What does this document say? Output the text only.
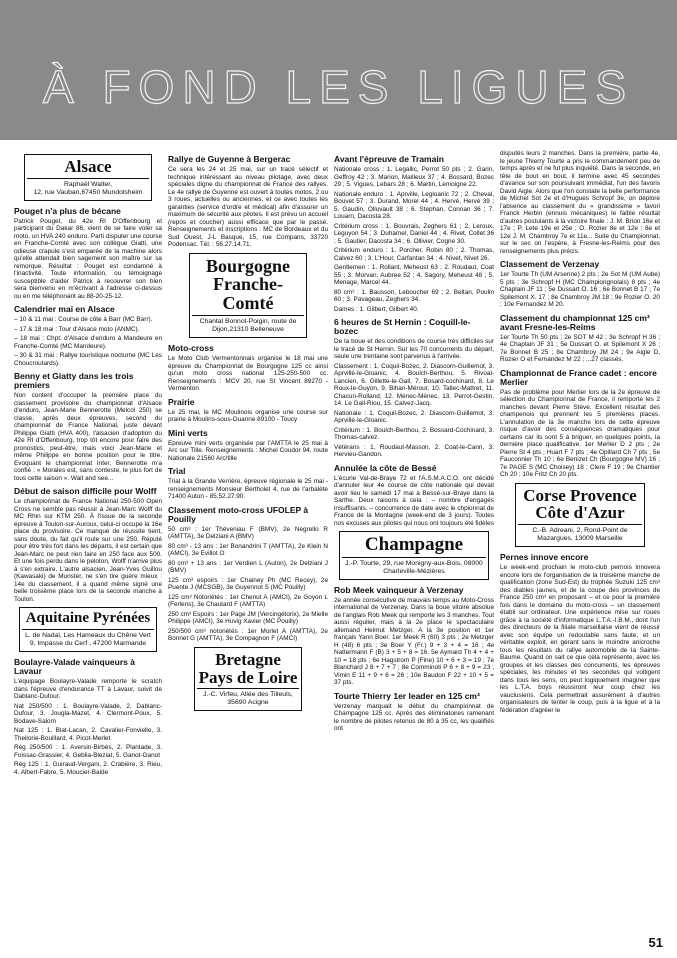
À FOND LES LIGUES
Alsace
Raphaël Walter,
12, rue Vauban,67450 Mundolsheim
Pouget n'a plus de bécane

Patrick Pouget, du 42e RI D'Offenbourg et participant du Dakar 86, vient de se faire voler sa moto, un HVA 240 enduro. Parti disputer une course en Franche-Comté avec son collègue Giatti, une odieuse crapule s'est emparée de la machine alors qu'elle attendait bien sagement son maître sur sa remorque. Résultat : Pouget est condamné à l'inactivité. Toute information, ou témoignage susceptible d'aider Patrick à recouvrer son bien sera bienvenu en m'écrivant à l'adresse ci-dessus ou en me téléphonant au 88-20-25-12.

Calendrier mai en Alsace

– 10 & 11 mai : Course de côte à Barr (MC Barr).

– 17 & 18 mai : Tour d'Alsace moto (ANMC).

– 18 mai : Chpt. d'Alsace d'enduro à Mandeure en Franche-Comté (MC Mandeure).

– 30 & 31 mai : Rallye touristique nocturne (MC Les Choucroutards).

Benny et Giatty dans les trois premiers

Non content d'occuper la première place du classement provisoire du championnat d'Alsace d'enduro, Jean-Marie Bennerotte (Melcol 250) se classe, après deux épreuves, second du championnat de France National, juste devant Philippe Giatti (HVA 400), l'alsacien d'adoption du 42e RI d'Offenbourg, trop tôt encore pour faire des pronostics, peut-être, mais voici Jean-Marie et même Philippe en bonne position pour le titre. Evoquant le championnat Inter, Bennerotte m'a confié : « Morales est, sans conteste, le plus fort de tous cette saison ». Wait and see...

Début de saison difficile pour Wolff

Le championnat de France National 250-500 Open Cross ne semble pas réussir à Jean-Marc Wolff du MC Rhin sur KTM 250. À l'issue de la seconde épreuve à Toulon-sur-Auroux, celui-ci occupe la 16e place du provisoire. Ce manque de réussite tient, sans doute, du fait qu'il roule sur une 250. Réputé pour être très fort dans les départs, il est certain que Jean-Marc ne peut rien faire en 250 face aux 500. Et une fois perdu dans le peloton, Wolff n'arrive plus à s'en extraire. L'autre alsacien, Jean-Yves Guillou (Kawasaki) de Munster, ne s'en tire guère mieux : 14e du classement, il a quand même signé une belle troisième place lors de la seconde manche à Toulon.

Aquitaine Pyrénées
L. de Nadai, Les Hameaux du Chêne Vert 9, Impasse du Cerf , 47200 Marmande
Boulayre-Valade vainqueurs à Lavaur

L'équipage Boulayre-Valade remporte le scratch dans l'épreuve d'endurance TT à Lavaur, suivit de Dablanc-Dufour.

Nat 250/500 : 1. Boulayre-Valade, 2. Dablanc-Dufour, 3. Jougla-Mazet, 4. Clermont-Poux, 5. Bodave-Salom

Nat 125 : 1. Blat-Lacan, 2. Cavalier-Fonvielle, 3. Theilorie-Bouillard, 4. Picot-Merlet

Rég 250/500 : 1. Aversin-Birbès, 2. Plantade, 3. Foissac-Grassier, 4. Geblia-Bleziat, 5. Ganot-Ganot

Rég 125 : 1. Guiraud-Vergani, 2. Crabière, 3. Rieu, 4. Albert-Fabre, 5. Moucier-Balde

Rallye de Guyenne à Bergerac

Ce sera les 24 et 25 mai, sur un tracé sélectif et technique intéressant au niveau pilotage, avec deux spéciales digne du championnat de France des rallyes. Le 4e rallye de Guyenne est ouvert à toutes motos, 2 ou 3 roues, actuelles ou anciennes, et ce avec toutes les garanties (service d'ordre et médical) afin d'assurer un maximum de sécurité aux pilotes. Il est prévu un accueil (repos et coucher) aussi efficace que par le passé. Renseignements et inscriptions : MC de Bordeaux et du Sud Ouest, J-L Basque, 15, rue Compans, 33720 Podensac. Tél. : 56.27.14.71.

Bourgogne Franche-Comté
Chantal Bonnot-Poigin, route de Dijon,21310 Belleneuve
Moto-cross

Le Moto Club Vermentonnais organise le 18 mai une épreuve du Championnat de Bourgogne 125 cc ainsi qu'un moto cross national 125-250-500 cc. Renseignements : MCV 20, rue St Vincent 89270 - Vermenton

Prairie

Le 25 mai, le MC Moulinois organise une course sur prairie à Moulins-sous-Ouanne 89100 - Toucy

Mini verts

Epreuve mini verts organisée par l'AMTTA le 25 mai à Arc sur Tille. Renseignements : Michel Coudor 94, route Nationale 21560 Arc/tille

Trial

Trial à la Grande Verrière, épreuve régionale le 25 mai - renseignements Monsieur Bertholet 4, rue de l'arbalète 71400 Autun - 85.52.27.90.

Classement moto-cross UFOLEP à Pouilly

50 cm³ : 1er Théveniau F (BMV), 2e Negrello R (AMTTA), 3e Delziani A (BMV)

80 cm³ - 13 ans : 1er Bonandrini T (AMTTA), 2e Klein N (AMCI), 3e Evillot O

80 cm³ + 13 ans : 1er Verdien L (Auton), 2e Delziani J (BMV)

125 cm³ espoirs : 1er Chainey Ph (MC Recey), 2e Puente J (MCSGB), 3e Guyennot S (MC Pouilly)

125 cm³ Notoriétés : 1er Chenut A (AMCI), 2e Goyon L (Ferlens), 3e Chautard F (AMTTA)

250 cm³ Espoirs : 1er Page JM (Vercingétorix), 2e Mielle Philippe (AMCI), 3e Huvig Xavier (MC Pouilly)

250/500 cm³ notoriétés : 1er Morlet A (AMTTA), 2e Bonnet G (AMTTA), 3e Compagnon F (AMCI)

Bretagne Pays de Loire
J.-C. Virfeu, Allée des Tilleuls, 35690 Acigne
Avant l'épreuve de Tramain

Nationale cross : 1. Legallic, Perrot 50 pts ; 2. Garin, Geffroy 42 ; 3. Marion, Mailleux 37 ; 4. Bossard, Bozec 29 ; 5. Vigues, Lebars 28 ; 6. Martin, Lemoigne 22.

Nationale enduro : 1. Aprville, Legloanic 72 ; 2. Cheval, Bouvet 57 ; 3. Durand, Morel 44 ; 4. Hervé, Hervé 39 ; 5. Gaudin, Olluvault 38 ; 6. Stephan, Connan 36 ; 7. Louarn, Dacosta 28.

Critérium cross : 1. Bouvrais, Zeghers 61 ; 2. Leroux, Leguyon 54 ; 3. Duhamel, Daniel 44 ; 4. Rivet, Collet 36 ; 5. Gautier, Dacosta 34 ; 6. Ollivier, Cogne 30.

Critérium enduro : 1. Porcher, Robin 80 ; 2. Thomas, Calvez 60 ; 3. L'Hour, Carfantan 34 ; 4. Nivet, Nivet 26.

Gentlemen : 1. Rollant, Meheust 63 ; 2. Roudaut, Coat 55 ; 3. Morvan, Aubree 52 ; 4. Sagory, Meheust 48 ; 5. Menage, Marcel 44.

80 cm³ : 1. Bausson, Leboucher 69 ; 2. Beltan, Poulin 60 ; 3. Pavageau, Zeghers 34.

Dames : 1. Gilbert, Gilbert 40.

6 heures de St Hernin : Coquill-le-bozec

De la boue et des conditions de course très difficiles sur le tracé de St Hernin. Sur les 70 concurrents du départ, seule une trentaine sont parvenus à l'arrivée.

Classement : 1. Coquil-Bozec, 2. Diascorn-Guillemot, 3. Aprvillé-le-Gloanic, 4. Boulch-Berthou, 5. Rivoal-Lancien, 6. Gillette-le-Gall, 7. Bosard-cochinard, 8. Le Roux-le-Guyon, 9. Bihan-Mérour, 10. Tallec-Mattret, 11. Chacun-Rolland, 12. Ménec-Ménec, 13. Perrot-Gestin, 14. Le Gall-Riou, 15. Calvez-Jacq.

Nationale : 1. Coquil-Bozec, 2. Diascorn-Guillemot, 3. Aprvillé-le-Gloanic.

Critérium : 1. Boulch-Berthou, 2. Bossard-Cochinard, 3. Thomas-calvez.

Vétérans : 1. Roudaut-Masson, 2. Coat-le-Cann, 3. Hervieu-Gandon.

Annulée la côte de Bessé

L'écurie Val-de-Braye 72 et l'A.S.M.A.C.O. ont décidé d'annuler leur 4e course de côte nationale qui devait avoir lieu le samedi 17 mai à Bessé-sur-Braye dans la Sarthe. Deux raisons à cela : – nombre d'engagés insuffisants. – concurrence de date avec le chpionnat de France de la Montagne (week-end de 3 jours). Toutes nos excuses aux pilotes qui nous ont toujours été fidèles

Champagne
J.-P. Tourte, 29, rue Monigny-aux-Bois, 08000 Charleville-Mézières
Rob Meek vainqueur à Verzenay

2e année consécutive de mauvais temps au Moto-Cross international de Verzenay. Dans la boue vitoire absolue de l'anglais Rob Meek qui remporte les 3 manches. Tout aussi régulier, mais à la 2e place le spectaculaire allemand Helmut Metzger. A la 3e position et 1er français Yann Boer. 1er Meek R (60) 3 pts ; 2e Metzger H (48) 6 pts ; 3e Boer Y (Fr.) 9 + 3 + 4 = 16 ; 4e Nattermann F (B) 3 + 5 + 8 = 16. 5e Aymard Th 4 + 4 + 10 = 18 pts ; 6e Hagstrom P (Fine) 10 + 6 + 3 = 19 ; 7e Blanchard J 8 + 7 + 7 ; 8e Comminoti P 6 + 8 + 9 = 23 ; Vimin E 11 + 9 + 6 = 26 ; 10e Baudon F 22 + 10 + 5 = 37 pts.

Tourte Thierry 1er leader en 125 cm³

Verzenay marquait le début du championnat de Champagne 125 cc. Après des éliminatoires ramenant le nombre de pilotes retenus de 80 à 35 cc, les qualifiés ont

disputés leurs 2 manches. Dans la première, partie 4e, le jeune Thierry Tourte a pris le commandement peu de temps après et ne fut plus inquiété. Dans la seconde, en tête de bout en bout, il termine avec 45 secondes d'avance sur son poursuivant immédiat, l'un des favoris David Aigle. Alors que l'on constate la belle performance de Michel Sot 2e et d'Hugues Schropf 3e, on déplore l'absence au classement du « grandissime » favori Franck Herbin (ennuis mécaniques) le faible résultat d'autres postulants à la victoire finale : J. M. Brion 16e et 17e ; P. Lete 19e et 25e ; O. Rozier 8e et 12e ; 8e et 12e J. M. Chambroy 7e et 11e... Suite du Championnat, sur le sec on l'espère, à Fresne-les-Reims pour des renseignements plus précis.

Classement de Verzenay

1er Tourte Th (UM Arsenne) 2 pts ; 2e Sot M (UM Aube) 5 pts ; 3e Schropf H (MC Championgnolais) 8 pts ; 4e Chaplain JF 11 ; 5e Dussart O. 16 ; 6e Bonnet B 17 ; 7e Spilemont X. 17 ; 8e Chambroy JM 18 ; 9e Rozier O. 20 ; 10e Fernandez M 20.

Classement du championnat 125 cm³ avant Fresne-les-Reims

1er Tourte Th 50 pts ; 2e SOT M 42 ; 3e Schropf H 36 ; 4e Chaplain JF 31 ; 5e Dussart O. et Spilemont X 26 ; 7e Bonnet B 25 ; 8e Chambroy JM 24 ; 9e Aigle D, Rozier O et Fernandez M 22 ; ...27 classés.

Championnat de France cadet : encore Merlier

Pas de problème pour Merlier lors de la 2e épreuve de sélection du Championnat de France, il remporte les 2 manches devant Pierre Stève. Excellent résultat des champenois qui prennent les 5 premières places. L'annulation de la 3e manche lors de cette épreuve risque d'avoir des conséquences dramatiques pour certains car ils sont 5 à briguer, en quelques points, la dernière place qualificative. 1er Merlier D 2 pts ; 2e Pierre St 4 pts ; Huart F 7 pts ; 4e Opillard Ch 7 pts ; 5e Fauconnier Th 10 ; 6e Benizet Ch (Bourgogne MV) 16 ; 7e PAGE S (MC Choisey) 18 ; Clere F 19 ; 9e Chantier Ch 20 ; 10e Fritz Ch 20 pts.

Corse Provence Côte d'Azur
C.-B. Adreani, 2, Rond-Point de Mazargues, 13009 Marseille
Pernes innove encore

Le week-end prochain le moto-club pernois innovera encore lors de l'organisation de la troisième manche de qualification (zone Sud-Est) du trophée Suzuki 125 cm³ des diables jaunes, et de la coupe des provinces de France 250 cm³ en proposant – et ce pour la première fois dans le domaine du moto-cross – un classement établi sur ordinateur. Une expérience mise sur roues grâce à la société d'informatique L.T.A.-I.B.M., dont l'un des directeurs de la filiale marseillaise vient de réussir avec son équipe un redoutable sans faute, et un véritable exploit, en gérant sans le moindre anicroche tous les résultats du rallye automobile de la Sainte-Baume. Quand on sait ce que cela représente, avec les groupes et les classes des concurrents, les épreuves spéciales, les minutes et les secondes qui voltigent dans tous les sens, on peut logiquement imaginer que les L.T.A. boys réussiront leur coup chez les vauclusiens. Cela permettrait assurément à d'autres organisateurs de tenter le coup, puis à la ligue et à la fédération d'agréer le

51
